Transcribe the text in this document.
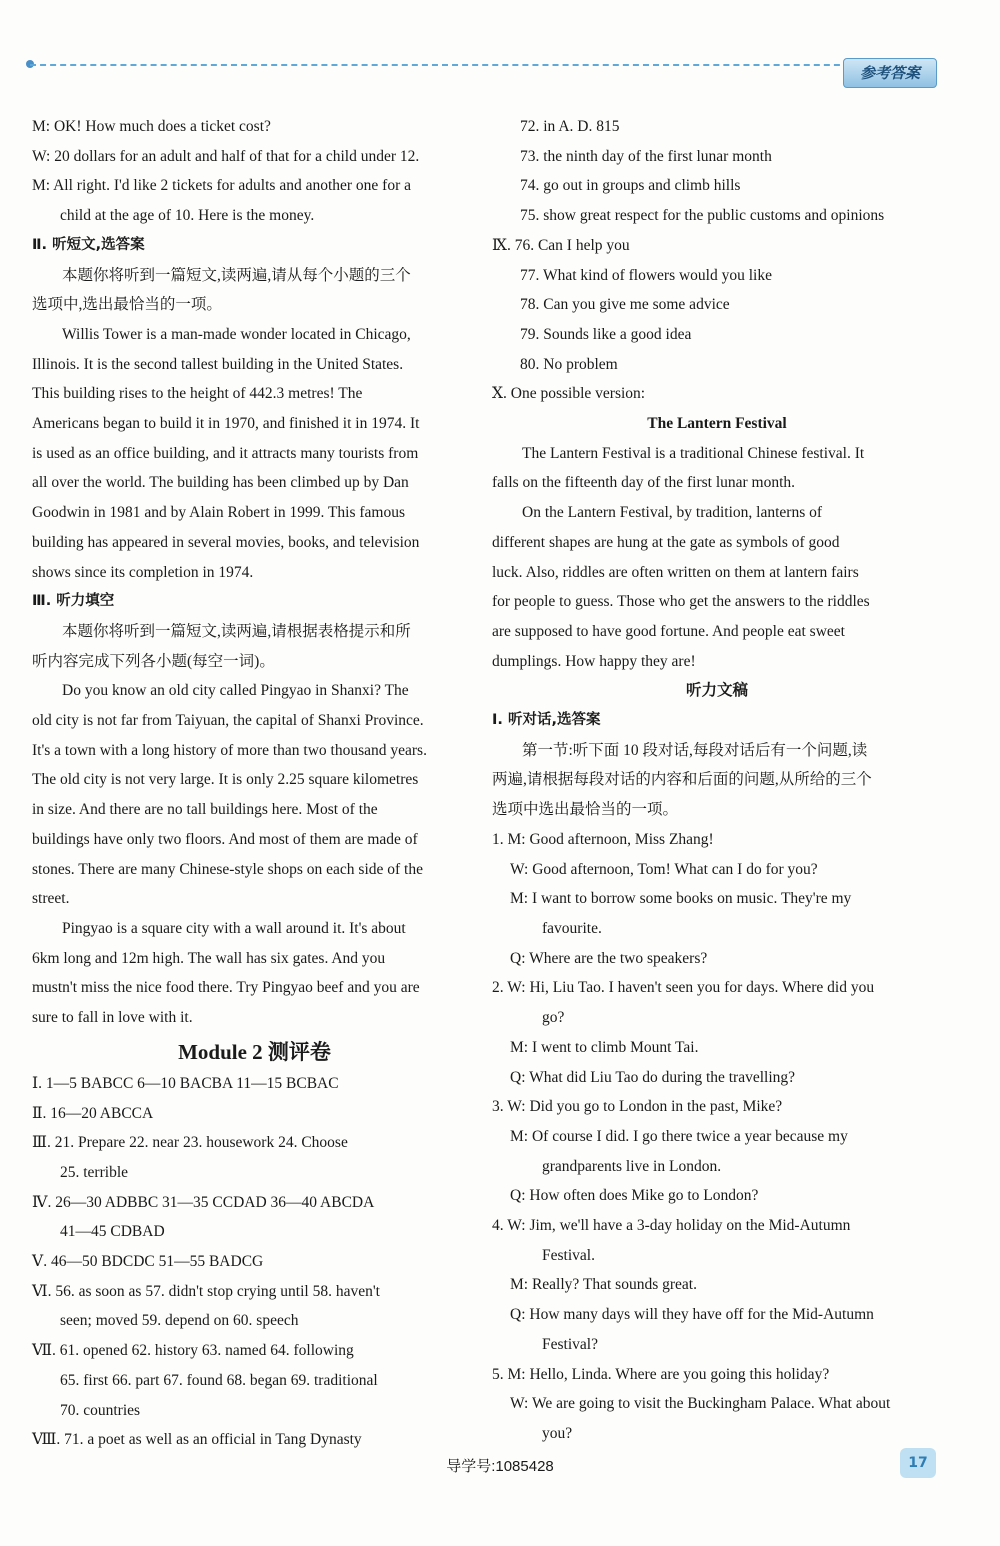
参考答案
M: OK! How much does a ticket cost?
W: 20 dollars for an adult and half of that for a child under 12.
M: All right. I'd like 2 tickets for adults and another one for a
child at the age of 10. Here is the money.
Ⅱ. 听短文,选答案
本题你将听到一篇短文,读两遍,请从每个小题的三个
选项中,选出最恰当的一项。
Willis Tower is a man-made wonder located in Chicago,
Illinois. It is the second tallest building in the United States.
This building rises to the height of 442.3 metres! The
Americans began to build it in 1970, and finished it in 1974. It
is used as an office building, and it attracts many tourists from
all over the world. The building has been climbed up by Dan
Goodwin in 1981 and by Alain Robert in 1999. This famous
building has appeared in several movies, books, and television
shows since its completion in 1974.
Ⅲ. 听力填空
本题你将听到一篇短文,读两遍,请根据表格提示和所
听内容完成下列各小题(每空一词)。
Do you know an old city called Pingyao in Shanxi? The
old city is not far from Taiyuan, the capital of Shanxi Province.
It's a town with a long history of more than two thousand years.
The old city is not very large. It is only 2.25 square kilometres
in size. And there are no tall buildings here. Most of the
buildings have only two floors. And most of them are made of
stones. There are many Chinese-style shops on each side of the
street.
Pingyao is a square city with a wall around it. It's about
6km long and 12m high. The wall has six gates. And you
mustn't miss the nice food there. Try Pingyao beef and you are
sure to fall in love with it.
Module 2 测评卷
Ⅰ. 1—5 BABCC 6—10 BACBA 11—15 BCBAC
Ⅱ. 16—20 ABCCA
Ⅲ. 21. Prepare 22. near 23. housework 24. Choose
25. terrible
Ⅳ. 26—30 ADBBC 31—35 CCDAD 36—40 ABCDA
41—45 CDBAD
Ⅴ. 46—50 BDCDC 51—55 BADCG
Ⅵ. 56. as soon as 57. didn't stop crying until 58. haven't
seen; moved 59. depend on 60. speech
Ⅶ. 61. opened 62. history 63. named 64. following
65. first 66. part 67. found 68. began 69. traditional
70. countries
Ⅷ. 71. a poet as well as an official in Tang Dynasty
72. in A. D. 815
73. the ninth day of the first lunar month
74. go out in groups and climb hills
75. show great respect for the public customs and opinions
Ⅸ. 76. Can I help you
77. What kind of flowers would you like
78. Can you give me some advice
79. Sounds like a good idea
80. No problem
Ⅹ. One possible version:
The Lantern Festival
The Lantern Festival is a traditional Chinese festival. It
falls on the fifteenth day of the first lunar month.
On the Lantern Festival, by tradition, lanterns of
different shapes are hung at the gate as symbols of good
luck. Also, riddles are often written on them at lantern fairs
for people to guess. Those who get the answers to the riddles
are supposed to have good fortune. And people eat sweet
dumplings. How happy they are!
听力文稿
Ⅰ. 听对话,选答案
第一节:听下面 10 段对话,每段对话后有一个问题,读
两遍,请根据每段对话的内容和后面的问题,从所给的三个
选项中选出最恰当的一项。
1. M: Good afternoon, Miss Zhang!
W: Good afternoon, Tom! What can I do for you?
M: I want to borrow some books on music. They're my
favourite.
Q: Where are the two speakers?
2. W: Hi, Liu Tao. I haven't seen you for days. Where did you
go?
M: I went to climb Mount Tai.
Q: What did Liu Tao do during the travelling?
3. W: Did you go to London in the past, Mike?
M: Of course I did. I go there twice a year because my
grandparents live in London.
Q: How often does Mike go to London?
4. W: Jim, we'll have a 3-day holiday on the Mid-Autumn
Festival.
M: Really? That sounds great.
Q: How many days will they have off for the Mid-Autumn
Festival?
5. M: Hello, Linda. Where are you going this holiday?
W: We are going to visit the Buckingham Palace. What about
you?
导学号:1085428	17
